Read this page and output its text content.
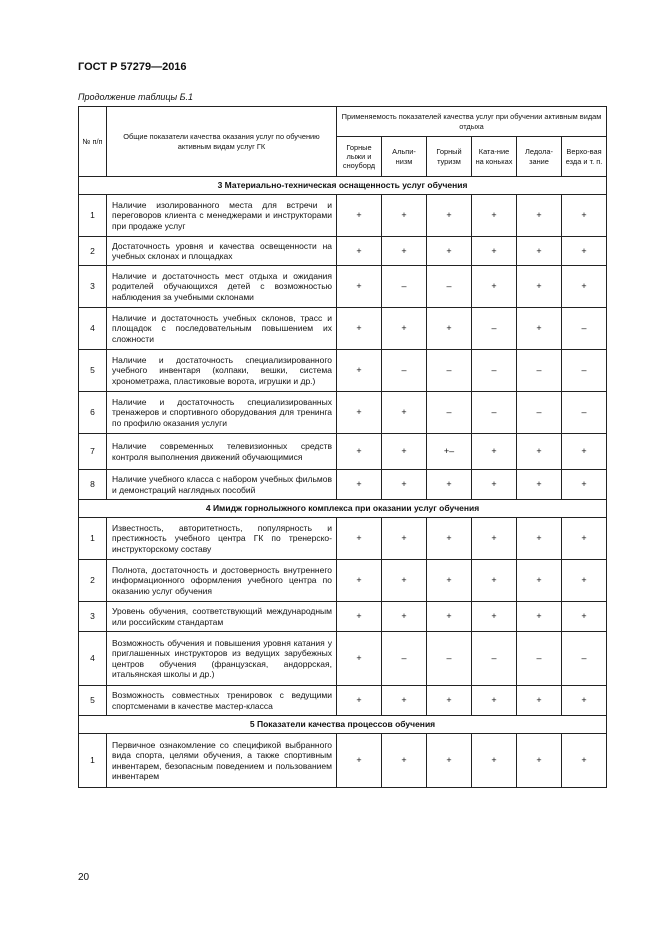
ГОСТ Р 57279—2016
Продолжение таблицы Б.1
№ п/п	Общие показатели качества оказания услуг по обучению активным видам услуг ГК	Применяемость показателей качества услуг при обучении активным видам отдыха					
		Горные лыжи и сноуборд	Альпи-низм	Горный туризм	Ката-ние на коньках	Ледола-зание	Верхо-вая езда и т. п.
3 Материально-техническая оснащенность услуг обучения							
1	Наличие изолированного места для встречи и переговоров клиента с менеджерами и инструкторами при продаже услуг	+	+	+	+	+	+
2	Достаточность уровня и качества освещенности на учебных склонах и площадках	+	+	+	+	+	+
3	Наличие и достаточность мест отдыха и ожидания родителей обучающихся детей с возможностью наблюдения за учебными склонами	+	–	–	+	+	+
4	Наличие и достаточность учебных склонов, трасс и площадок с последовательным повышением их сложности	+	+	+	–	+	–
5	Наличие и достаточность специализированного учебного инвентаря (колпаки, вешки, система хронометража, пластиковые ворота, игрушки и др.)	+	–	–	–	–	–
6	Наличие и достаточность специализированных тренажеров и спортивного оборудования для тренинга по профилю оказания услуги	+	+	–	–	–	–
7	Наличие современных телевизионных средств контроля выполнения движений обучающимися	+	+	+–	+	+	+
8	Наличие учебного класса с набором учебных фильмов и демонстраций наглядных пособий	+	+	+	+	+	+
4 Имидж горнолыжного комплекса при оказании услуг обучения							
1	Известность, авторитетность, популярность и престижность учебного центра ГК по тренерско-инструкторскому составу	+	+	+	+	+	+
2	Полнота, достаточность и достоверность внутреннего информационного оформления учебного центра по оказанию услуг обучения	+	+	+	+	+	+
3	Уровень обучения, соответствующий международным или российским стандартам	+	+	+	+	+	+
4	Возможность обучения и повышения уровня катания у приглашенных инструкторов из ведущих зарубежных центров обучения (французская, андоррская, итальянская школы и др.)	+	–	–	–	–	–
5	Возможность совместных тренировок с ведущими спортсменами в качестве мастер-класса	+	+	+	+	+	+
5 Показатели качества процессов обучения							
1	Первичное ознакомление со спецификой выбранного вида спорта, целями обучения, а также спортивным инвентарем, безопасным поведением и пользованием инвентарем	+	+	+	+	+	+
20
